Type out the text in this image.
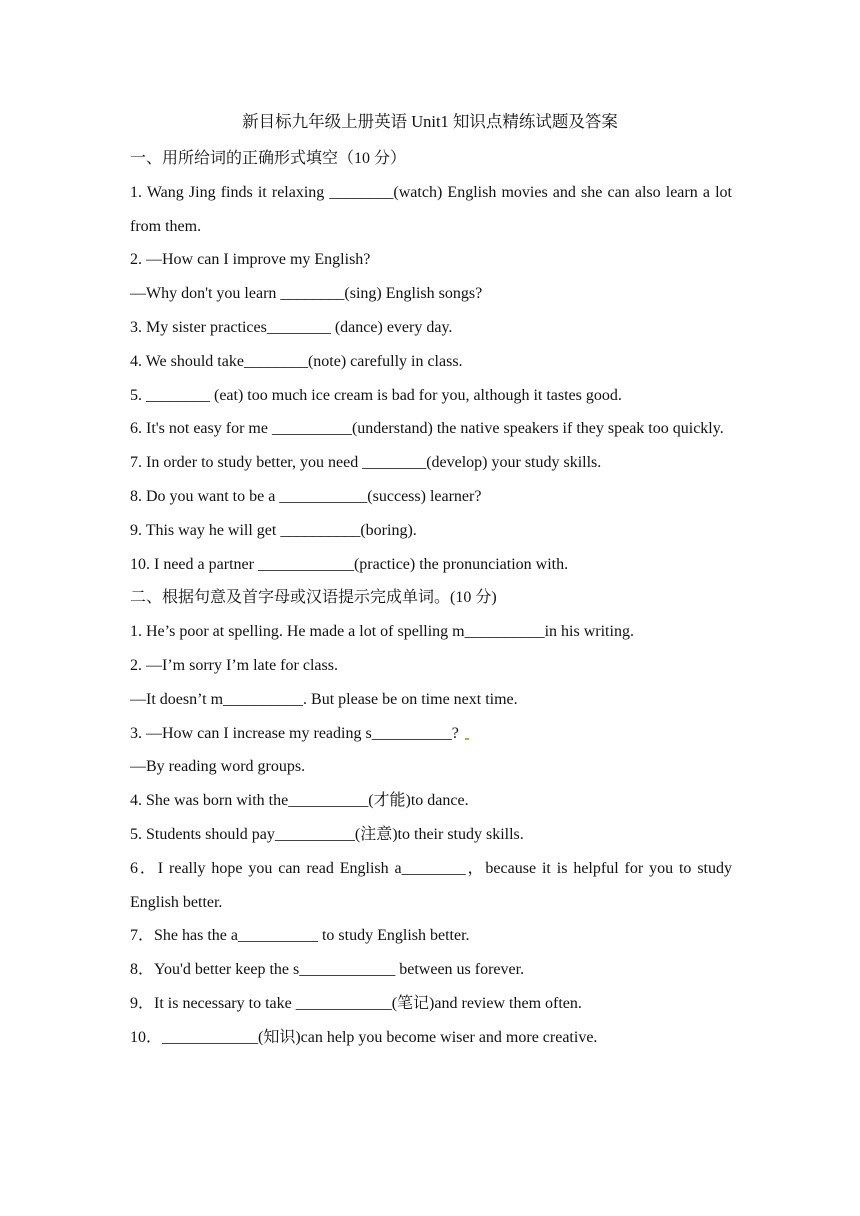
新目标九年级上册英语 Unit1 知识点精练试题及答案

一、用所给词的正确形式填空（10 分）

1. Wang Jing finds it relaxing ________(watch) English movies and she can also learn a lot from them.

2. —How can I improve my English?

—Why don't you learn ________(sing) English songs?

3. My sister practices________ (dance) every day.

4. We should take________(note) carefully in class.

5. ________ (eat) too much ice cream is bad for you, although it tastes good.

6. It's not easy for me __________(understand) the native speakers if they speak too quickly.

7. In order to study better, you need ________(develop) your study skills.

8. Do you want to be a ___________(success) learner?

9. This way he will get __________(boring).

10. I need a partner ____________(practice) the pronunciation with.

二、根据句意及首字母或汉语提示完成单词。(10 分)

1. He’s poor at spelling. He made a lot of spelling m__________in his writing.

2. —I’m sorry I’m late for class.

—It doesn’t m__________. But please be on time next time.

3. —How can I increase my reading s__________?

—By reading word groups.

4. She was born with the__________(才能)to dance.

5. Students should pay__________(注意)to their study skills.

6．I really hope you can read English a________，because it is helpful for you to study English better.

7．She has the a__________ to study English better.

8．You'd better keep the s____________ between us forever.

9．It is necessary to take ____________(笔记)and review them often.

10．____________(知识)can help you become wiser and more creative.
